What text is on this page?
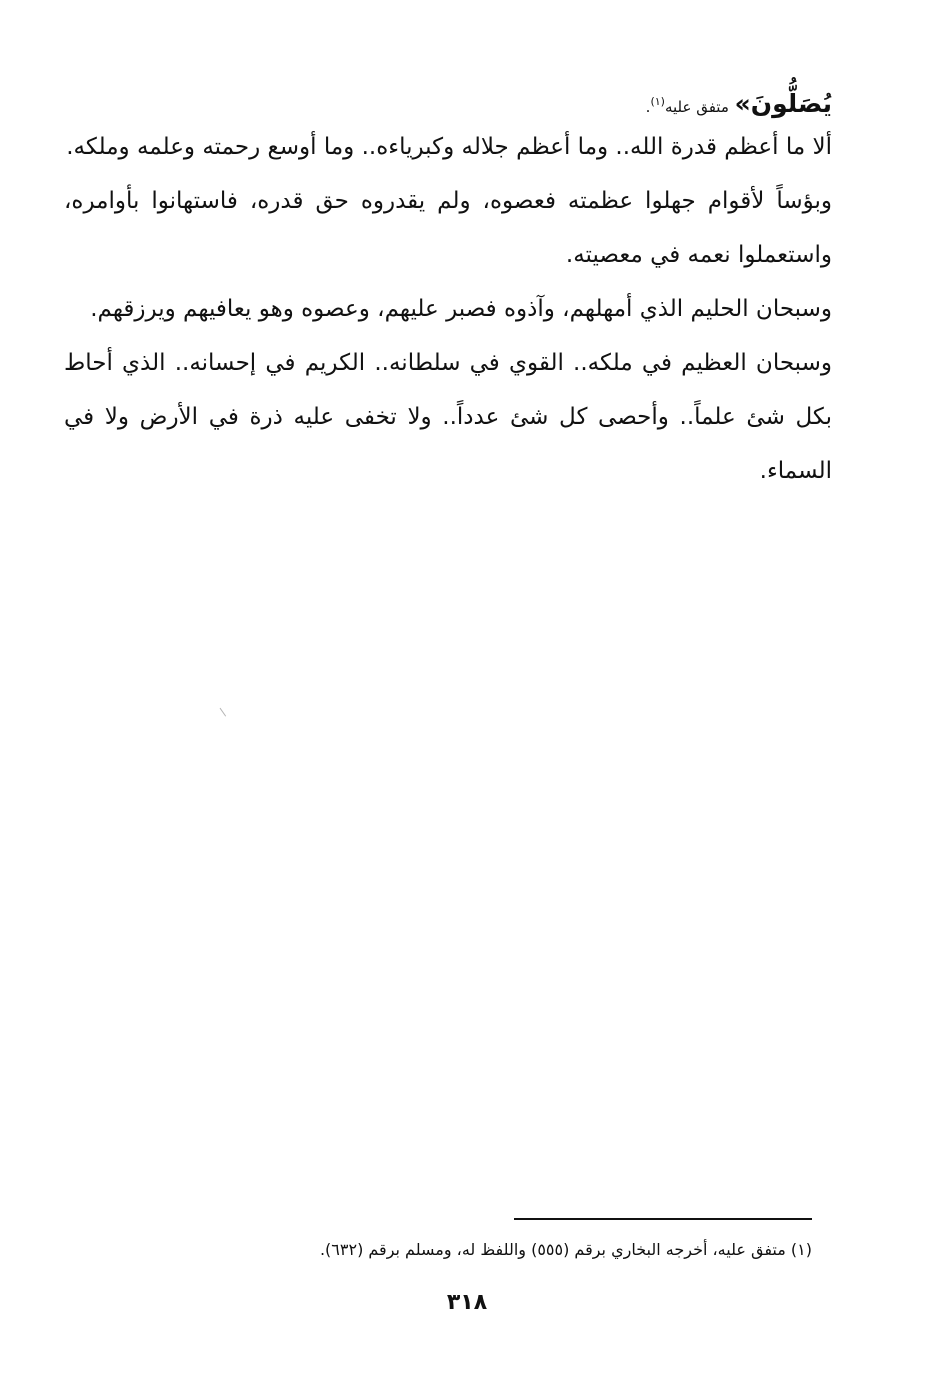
يُصَلُّونَ» متفق عليه$^{(١)}$.

ألا ما أعظم قدرة الله.. وما أعظم جلاله وكبرياءه.. وما أوسع رحمته وعلمه وملكه.

وبؤساً لأقوام جهلوا عظمته فعصوه، ولم يقدروه حق قدره، فاستهانوا بأوامره، واستعملوا نعمه في معصيته.

وسبحان الحليم الذي أمهلهم، وآذوه فصبر عليهم، وعصوه وهو يعافيهم ويرزقهم.

وسبحان العظيم في ملكه.. القوي في سلطانه.. الكريم في إحسانه.. الذي أحاط بكل شئ علماً.. وأحصى كل شئ عدداً.. ولا تخفى عليه ذرة في الأرض ولا في السماء.

(١) متفق عليه، أخرجه البخاري برقم (٥٥٥) واللفظ له، ومسلم برقم (٦٣٢).
٣١٨
